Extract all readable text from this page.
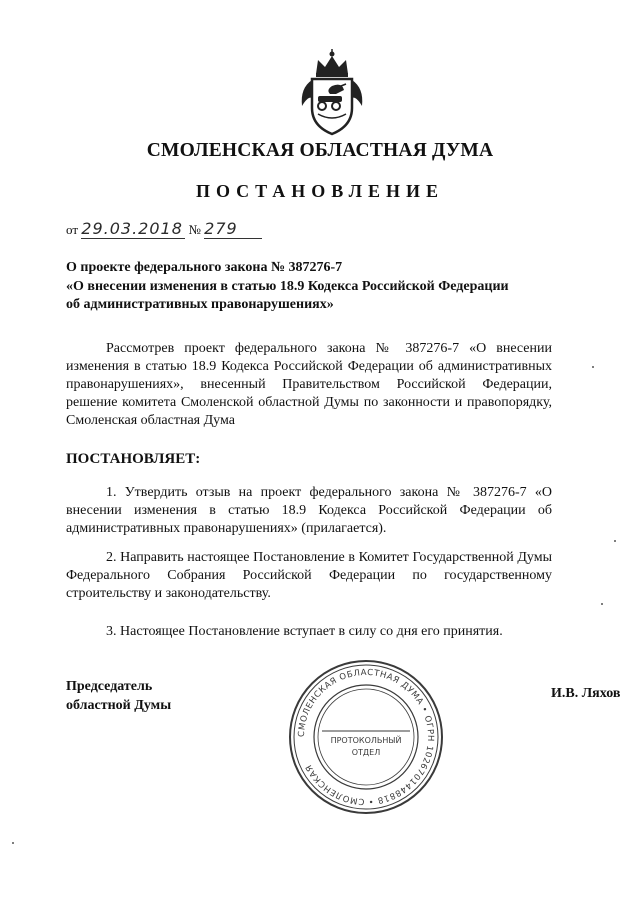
СМОЛЕНСКАЯ ОБЛАСТНАЯ ДУМА
ПОСТАНОВЛЕНИЕ
от 29.03.2018 № 279
О проекте федерального закона № 387276-7
«О внесении изменения в статью 18.9 Кодекса Российской Федерации
об административных правонарушениях»
Рассмотрев проект федерального закона № 387276-7 «О внесении изменения в статью 18.9 Кодекса Российской Федерации об административных правонарушениях», внесенный Правительством Российской Федерации, решение комитета Смоленской областной Думы по законности и правопорядку, Смоленская областная Дума
ПОСТАНОВЛЯЕТ:
1. Утвердить отзыв на проект федерального закона № 387276-7 «О внесении изменения в статью 18.9 Кодекса Российской Федерации об административных правонарушениях» (прилагается).
2. Направить настоящее Постановление в Комитет Государственной Думы Федерального Собрания Российской Федерации по государственному строительству и законодательству.
3. Настоящее Постановление вступает в силу со дня его принятия.
Председатель
областной Думы
СМОЛЕНСКАЯ ОБЛАСТНАЯ ДУМА • ОГРН 1026701448818 • СМОЛЕНСКАЯ
ПРОТОКОЛЬНЫЙ
ОТДЕЛ
И.В. Ляхов
